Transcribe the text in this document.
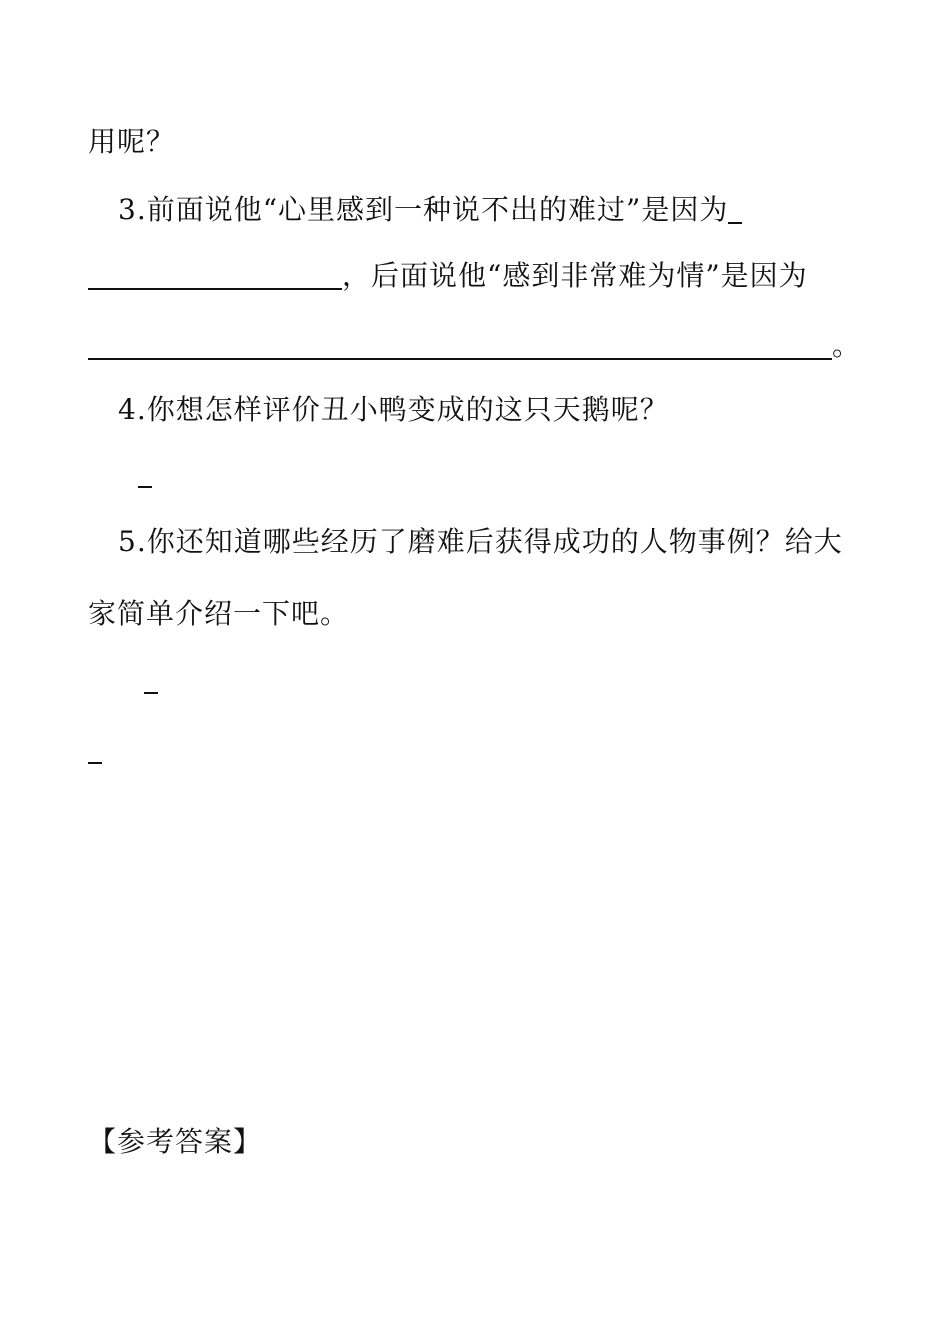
用呢？
3.前面说他“心里感到一种说不出的难过”是因为
，后面说他“感到非常难为情”是因为
。
4.你想怎样评价丑小鸭变成的这只天鹅呢？
5.你还知道哪些经历了磨难后获得成功的人物事例？给大
家简单介绍一下吧。
【参考答案】
